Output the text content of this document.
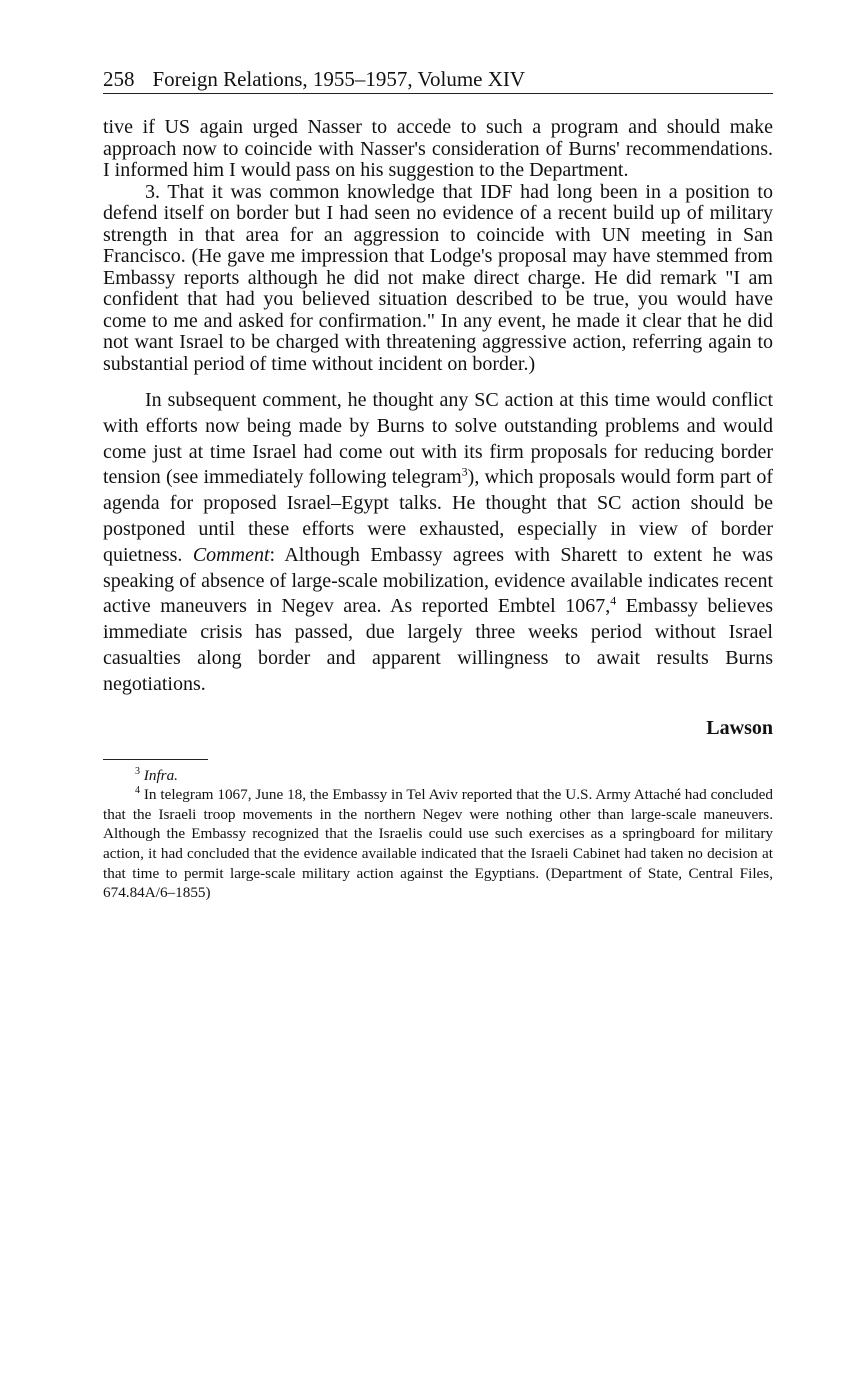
258 Foreign Relations, 1955–1957, Volume XIV

tive if US again urged Nasser to accede to such a program and should make approach now to coincide with Nasser's consideration of Burns' recommendations. I informed him I would pass on his suggestion to the Department.

3. That it was common knowledge that IDF had long been in a position to defend itself on border but I had seen no evidence of a recent build up of military strength in that area for an aggression to coincide with UN meeting in San Francisco. (He gave me impression that Lodge's proposal may have stemmed from Embassy reports although he did not make direct charge. He did remark "I am confident that had you believed situation described to be true, you would have come to me and asked for confirmation." In any event, he made it clear that he did not want Israel to be charged with threatening aggressive action, referring again to substantial period of time without incident on border.)

In subsequent comment, he thought any SC action at this time would conflict with efforts now being made by Burns to solve outstanding problems and would come just at time Israel had come out with its firm proposals for reducing border tension (see immediately following telegram$^3$), which proposals would form part of agenda for proposed Israel–Egypt talks. He thought that SC action should be postponed until these efforts were exhausted, especially in view of border quietness. Comment: Although Embassy agrees with Sharett to extent he was speaking of absence of large-scale mobilization, evidence available indicates recent active maneuvers in Negev area. As reported Embtel 1067,$^4$ Embassy believes immediate crisis has passed, due largely three weeks period without Israel casualties along border and apparent willingness to await results Burns negotiations.
Lawson

$^3$ Infra.

$^4$ In telegram 1067, June 18, the Embassy in Tel Aviv reported that the U.S. Army Attaché had concluded that the Israeli troop movements in the northern Negev were nothing other than large-scale maneuvers. Although the Embassy recognized that the Israelis could use such exercises as a springboard for military action, it had concluded that the evidence available indicated that the Israeli Cabinet had taken no decision at that time to permit large-scale military action against the Egyptians. (Department of State, Central Files, 674.84A/6–1855)
